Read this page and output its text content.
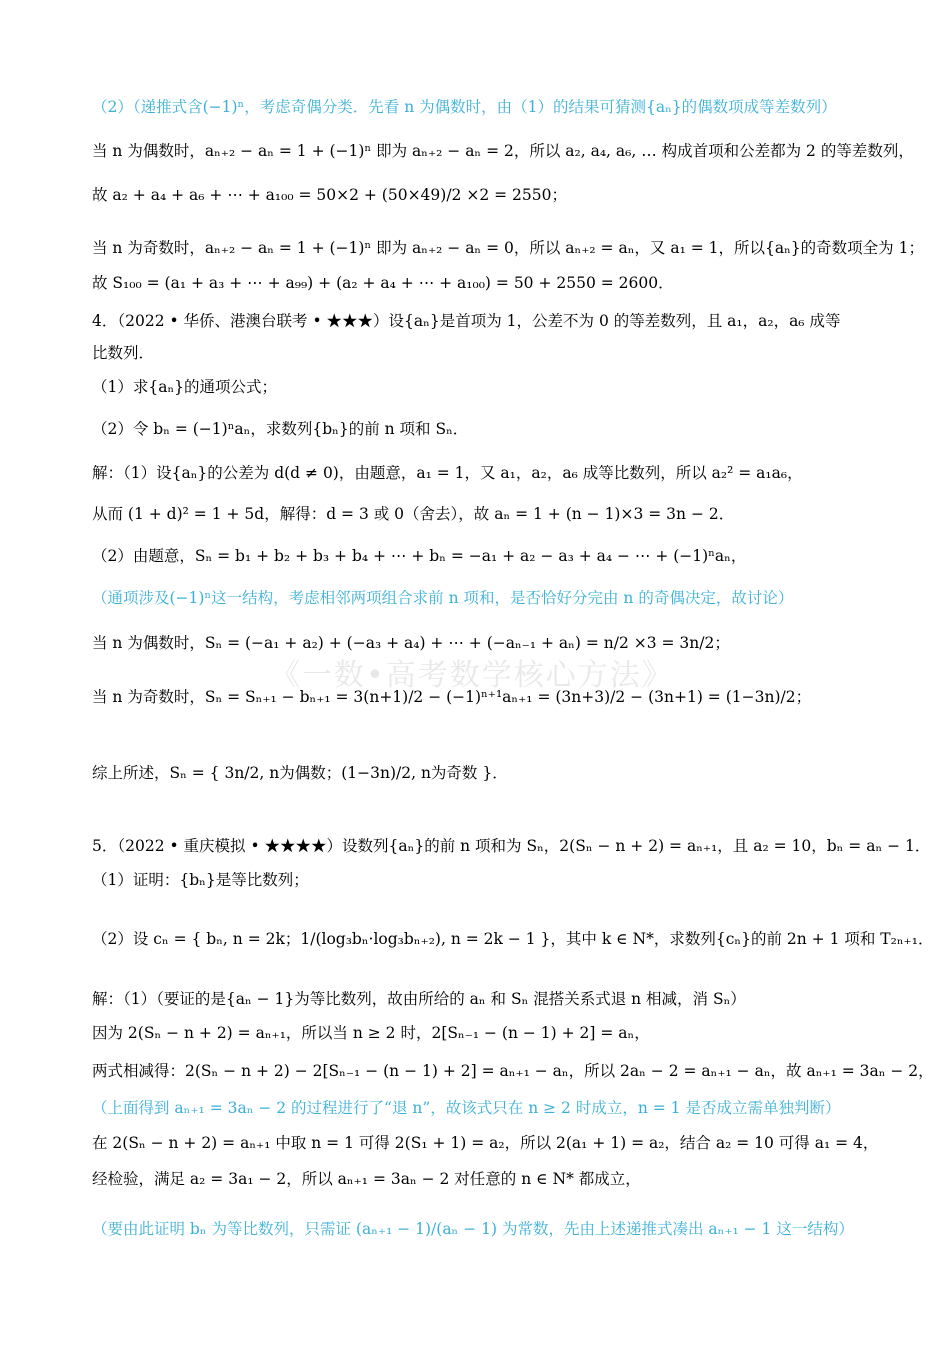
《一数•高考数学核心方法》
（2）（递推式含(−1)ⁿ，考虑奇偶分类．先看 n 为偶数时，由（1）的结果可猜测{aₙ}的偶数项成等差数列）
当 n 为偶数时，aₙ₊₂ − aₙ = 1 + (−1)ⁿ 即为 aₙ₊₂ − aₙ = 2，所以 a₂, a₄, a₆, … 构成首项和公差都为 2 的等差数列，
故 a₂ + a₄ + a₆ + ⋯ + a₁₀₀ = 50×2 + (50×49)/2 ×2 = 2550；
当 n 为奇数时，aₙ₊₂ − aₙ = 1 + (−1)ⁿ 即为 aₙ₊₂ − aₙ = 0，所以 aₙ₊₂ = aₙ，又 a₁ = 1，所以{aₙ}的奇数项全为 1；
故 S₁₀₀ = (a₁ + a₃ + ⋯ + a₉₉) + (a₂ + a₄ + ⋯ + a₁₀₀) = 50 + 2550 = 2600．
4．（2022 • 华侨、港澳台联考 • ★★★）设{aₙ}是首项为 1，公差不为 0 的等差数列，且 a₁，a₂，a₆ 成等
比数列．
（1）求{aₙ}的通项公式；
（2）令 bₙ = (−1)ⁿaₙ，求数列{bₙ}的前 n 项和 Sₙ．
解：（1）设{aₙ}的公差为 d(d ≠ 0)，由题意，a₁ = 1，又 a₁，a₂，a₆ 成等比数列，所以 a₂² = a₁a₆，
从而 (1 + d)² = 1 + 5d，解得：d = 3 或 0（舍去），故 aₙ = 1 + (n − 1)×3 = 3n − 2．
（2）由题意，Sₙ = b₁ + b₂ + b₃ + b₄ + ⋯ + bₙ = −a₁ + a₂ − a₃ + a₄ − ⋯ + (−1)ⁿaₙ，
（通项涉及(−1)ⁿ这一结构，考虑相邻两项组合求前 n 项和，是否恰好分完由 n 的奇偶决定，故讨论）
当 n 为偶数时，Sₙ = (−a₁ + a₂) + (−a₃ + a₄) + ⋯ + (−aₙ₋₁ + aₙ) = n/2 ×3 = 3n/2；
当 n 为奇数时，Sₙ = Sₙ₊₁ − bₙ₊₁ = 3(n+1)/2 − (−1)ⁿ⁺¹aₙ₊₁ = (3n+3)/2 − (3n+1) = (1−3n)/2；
综上所述，Sₙ = { 3n/2, n为偶数；(1−3n)/2, n为奇数 }．
5．（2022 • 重庆模拟 • ★★★★）设数列{aₙ}的前 n 项和为 Sₙ，2(Sₙ − n + 2) = aₙ₊₁，且 a₂ = 10，bₙ = aₙ − 1．
（1）证明：{bₙ}是等比数列；
（2）设 cₙ = { bₙ, n = 2k；1/(log₃bₙ·log₃bₙ₊₂), n = 2k − 1 }，其中 k ∈ N*，求数列{cₙ}的前 2n + 1 项和 T₂ₙ₊₁．
解：（1）（要证的是{aₙ − 1}为等比数列，故由所给的 aₙ 和 Sₙ 混搭关系式退 n 相减，消 Sₙ）
因为 2(Sₙ − n + 2) = aₙ₊₁，所以当 n ≥ 2 时，2[Sₙ₋₁ − (n − 1) + 2] = aₙ，
两式相减得：2(Sₙ − n + 2) − 2[Sₙ₋₁ − (n − 1) + 2] = aₙ₊₁ − aₙ，所以 2aₙ − 2 = aₙ₊₁ − aₙ，故 aₙ₊₁ = 3aₙ − 2，
（上面得到 aₙ₊₁ = 3aₙ − 2 的过程进行了“退 n”，故该式只在 n ≥ 2 时成立，n = 1 是否成立需单独判断）
在 2(Sₙ − n + 2) = aₙ₊₁ 中取 n = 1 可得 2(S₁ + 1) = a₂，所以 2(a₁ + 1) = a₂，结合 a₂ = 10 可得 a₁ = 4，
经检验，满足 a₂ = 3a₁ − 2，所以 aₙ₊₁ = 3aₙ − 2 对任意的 n ∈ N* 都成立，
（要由此证明 bₙ 为等比数列，只需证 (aₙ₊₁ − 1)/(aₙ − 1) 为常数，先由上述递推式凑出 aₙ₊₁ − 1 这一结构）
